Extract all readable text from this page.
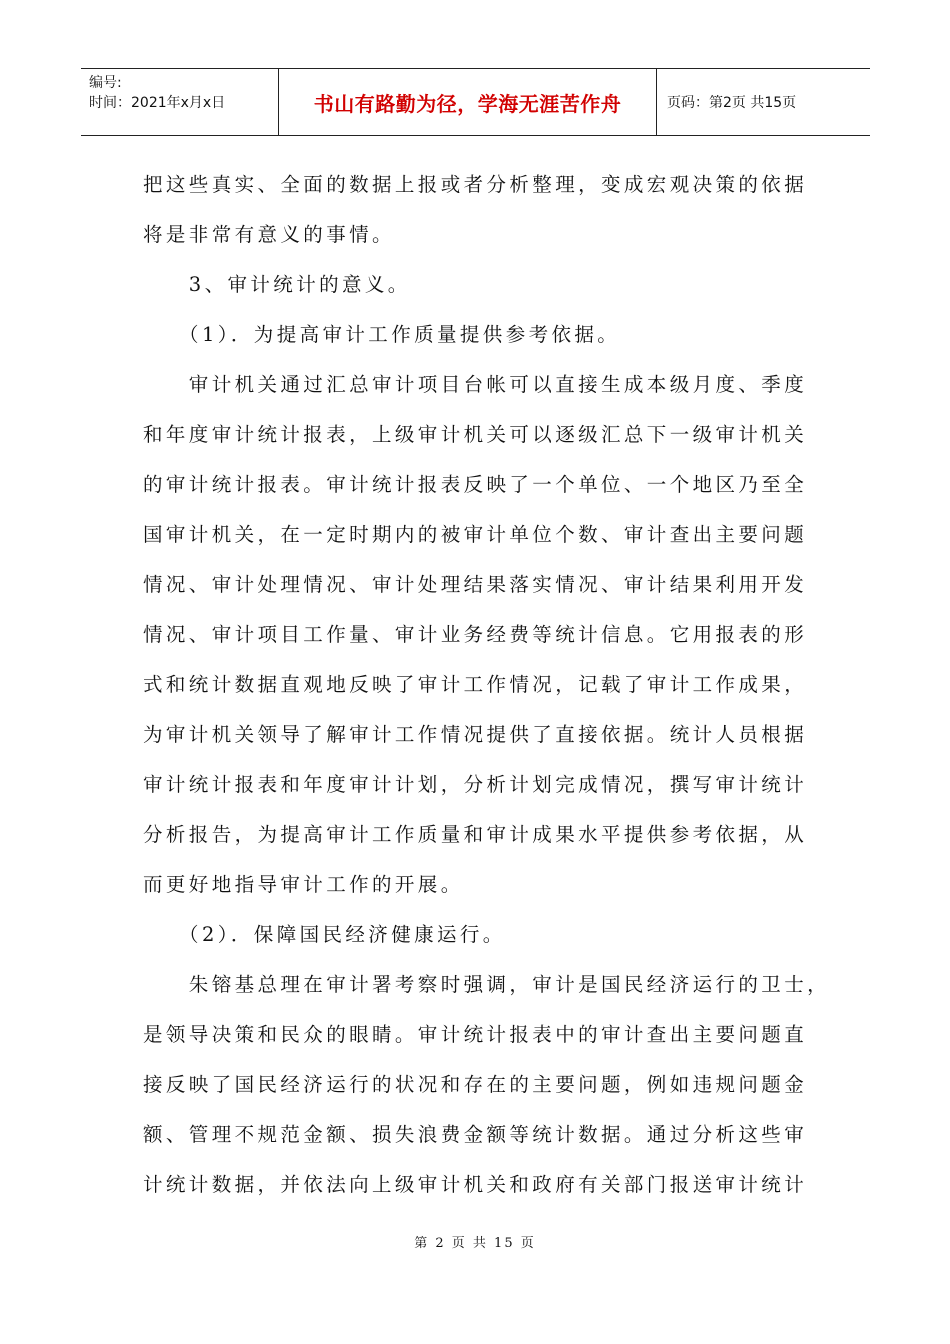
编号:
时间：2021年x月x日	书山有路勤为径，学海无涯苦作舟	页码：第2页 共15页
把这些真实、全面的数据上报或者分析整理，变成宏观决策的依据
将是非常有意义的事情。
　　3、审计统计的意义。
　　（1）．为提高审计工作质量提供参考依据。
　　审计机关通过汇总审计项目台帐可以直接生成本级月度、季度
和年度审计统计报表，上级审计机关可以逐级汇总下一级审计机关
的审计统计报表。审计统计报表反映了一个单位、一个地区乃至全
国审计机关，在一定时期内的被审计单位个数、审计查出主要问题
情况、审计处理情况、审计处理结果落实情况、审计结果利用开发
情况、审计项目工作量、审计业务经费等统计信息。它用报表的形
式和统计数据直观地反映了审计工作情况，记载了审计工作成果，
为审计机关领导了解审计工作情况提供了直接依据。统计人员根据
审计统计报表和年度审计计划，分析计划完成情况，撰写审计统计
分析报告，为提高审计工作质量和审计成果水平提供参考依据，从
而更好地指导审计工作的开展。
　　（2）．保障国民经济健康运行。
　　朱镕基总理在审计署考察时强调，审计是国民经济运行的卫士，
是领导决策和民众的眼睛。审计统计报表中的审计查出主要问题直
接反映了国民经济运行的状况和存在的主要问题，例如违规问题金
额、管理不规范金额、损失浪费金额等统计数据。通过分析这些审
计统计数据，并依法向上级审计机关和政府有关部门报送审计统计
第 2 页 共 15 页
